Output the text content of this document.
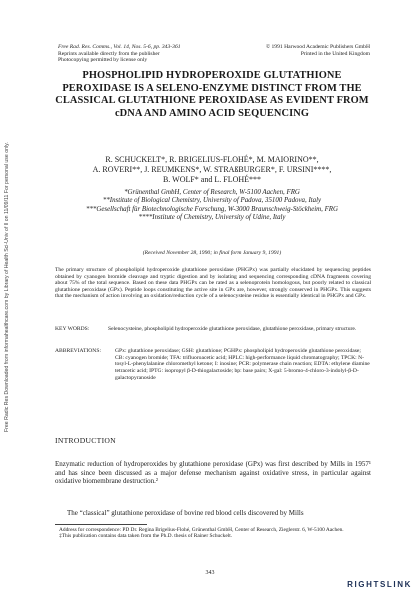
Free Radic Res Downloaded from informahealthcare.com by Library of Health Sci-Univ of Il on 11/09/11 For personal use only.
Free Rad. Res. Comms., Vol. 14, Nos. 5-6, pp. 343-361
Reprints available directly from the publisher
Photocopying permitted by license only
© 1991 Harwood Academic Publishers GmbH
Printed in the United Kingdom
PHOSPHOLIPID HYDROPEROXIDE GLUTATHIONE PEROXIDASE IS A SELENO-ENZYME DISTINCT FROM THE CLASSICAL GLUTATHIONE PEROXIDASE AS EVIDENT FROM cDNA AND AMINO ACID SEQUENCING
R. SCHUCKELT*, R. BRIGELIUS-FLOHÉ*, M. MAIORINO**,
A. ROVERI**, J. REUMKENS*, W. STRAßBURGER*, F. URSINI****,
B. WOLF* and L. FLOHÉ***
*Grünenthal GmbH, Center of Research, W-5100 Aachen, FRG
**Institute of Biological Chemistry, University of Padova, 35100 Padova, Italy
***Gesellschaft für Biotechnologische Forschung, W-3000 Braunschweig-Stöckheim, FRG
****Institute of Chemistry, University of Udine, Italy
(Received November 28, 1990; in final form January 9, 1991)
The primary structure of phospholipid hydroperoxide glutathione peroxidase (PHGPx) was partially elucidated by sequencing peptides obtained by cyanogen bromide cleavage and tryptic digestion and by isolating and sequencing corresponding cDNA fragments covering about 75% of the total sequence. Based on these data PHGPx can be rated as a selenoprotein homologous, but poorly related to classical glutathione peroxidase (GPx). Peptide loops constituting the active site in GPx are, however, strongly conserved in PHGPx. This suggests that the mechanism of action involving an oxidation/reduction cycle of a selenocysteine residue is essentially identical in PHGPx and GPx.
KEY WORDS:	Selenocysteine, phospholipid hydroperoxide glutathione peroxidase, glutathione peroxidase, primary structure.
ABBREVIATIONS:	GPx: glutathione peroxidase; GSH: glutathione; PGHPx: phospholipid hydroperoxide glutathione peroxidase; CB: cyanogen bromide; TFA: trifluoroacetic acid; HPLC: high-performance liquid chromatography; TPCK: N-tosyl-L-phenylalanine chloromethyl ketone; I: inosine; PCR: polymerase chain reaction; EDTA: ethylene diamine tetracetic acid; IPTG: isopropyl β-D-thiogalactoside; bp: base pairs; X-gal: 5-bromo-4-chloro-3-indolyl-β-D-galactopyranoside
INTRODUCTION

Enzymatic reduction of hydroperoxides by glutathione peroxidase (GPx) was first described by Mills in 1957¹ and has since been discussed as a major defense mechanism against oxidative stress, in particular against oxidative biomembrane destruction.²

The “classical” glutathione peroxidase of bovine red blood cells discovered by Mills

Address for correspondence: PD Dr. Regina Brigelius-Flohé, Grünenthal GmbH, Center of Research, Zieglerstr. 6, W-5100 Aachen.

‡This publication contains data taken from the Ph.D. thesis of Rainer Schuckelt.

343
RIGHTSLINK
